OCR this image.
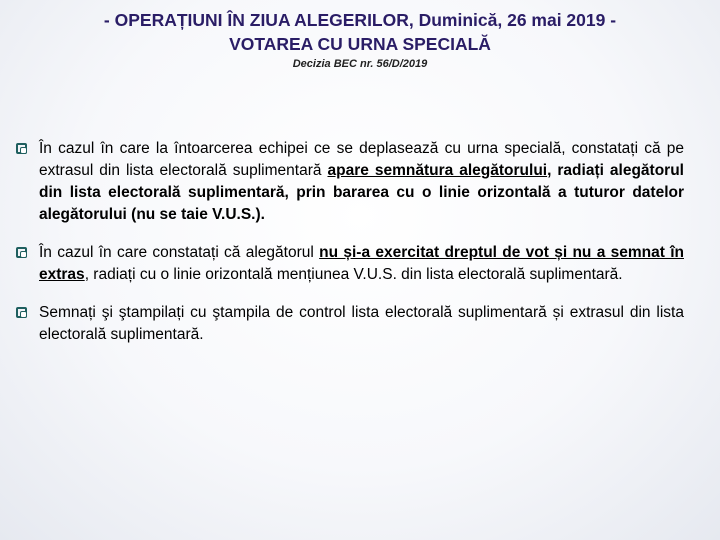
- OPERAȚIUNI ÎN ZIUA ALEGERILOR, Duminică, 26 mai 2019 -
VOTAREA CU URNA SPECIALĂ
Decizia BEC nr. 56/D/2019
În cazul în care la întoarcerea echipei ce se deplasează cu urna specială, constatați că pe extrasul din lista electorală suplimentară apare semnătura alegătorului, radiați alegătorul din lista electorală suplimentară, prin bararea cu o linie orizontală a tuturor datelor alegătorului (nu se taie V.U.S.).
În cazul în care constatați că alegătorul nu și-a exercitat dreptul de vot și nu a semnat în extras, radiați cu o linie orizontală mențiunea V.U.S. din lista electorală suplimentară.
Semnați şi ştampilați cu ştampila de control lista electorală suplimentară și extrasul din lista electorală suplimentară.
